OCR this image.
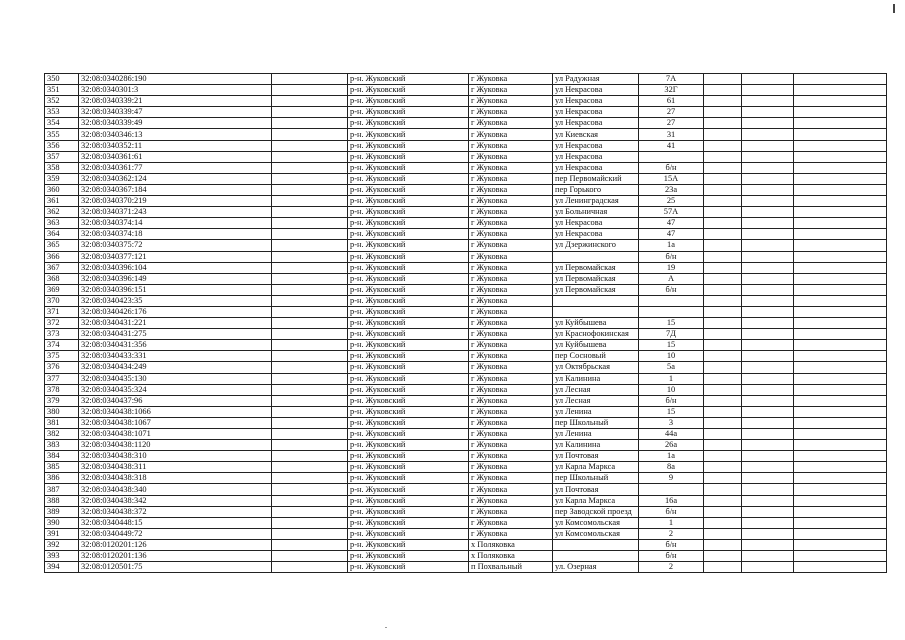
350	32:08:0340286:190		р-н. Жуковский	г Жуковка	ул Радужная	7А			
351	32:08:0340301:3		р-н. Жуковский	г Жуковка	ул Некрасова	32Г			
352	32:08:0340339:21		р-н. Жуковский	г Жуковка	ул Некрасова	61			
353	32:08:0340339:47		р-н. Жуковский	г Жуковка	ул Некрасова	27			
354	32:08:0340339:49		р-н. Жуковский	г Жуковка	ул Некрасова	27			
355	32:08:0340346:13		р-н. Жуковский	г Жуковка	ул Киевская	31			
356	32:08:0340352:11		р-н. Жуковский	г Жуковка	ул Некрасова	41			
357	32:08:0340361:61		р-н. Жуковский	г Жуковка	ул Некрасова				
358	32:08:0340361:77		р-н. Жуковский	г Жуковка	ул Некрасова	б/н			
359	32:08:0340362:124		р-н. Жуковский	г Жуковка	пер Первомайский	15А			
360	32:08:0340367:184		р-н. Жуковский	г Жуковка	пер Горького	23а			
361	32:08:0340370:219		р-н. Жуковский	г Жуковка	ул Ленинградская	25			
362	32:08:0340371:243		р-н. Жуковский	г Жуковка	ул Больничная	57А			
363	32:08:0340374:14		р-н. Жуковский	г Жуковка	ул Некрасова	47			
364	32:08:0340374:18		р-н. Жуковский	г Жуковка	ул Некрасова	47			
365	32:08:0340375:72		р-н. Жуковский	г Жуковка	ул Дзержинского	1а			
366	32:08:0340377:121		р-н. Жуковский	г Жуковка		б/н			
367	32:08:0340396:104		р-н. Жуковский	г Жуковка	ул Первомайская	19			
368	32:08:0340396:149		р-н. Жуковский	г Жуковка	ул Первомайская	А			
369	32:08:0340396:151		р-н. Жуковский	г Жуковка	ул Первомайская	б/н			
370	32:08:0340423:35		р-н. Жуковский	г Жуковка					
371	32:08:0340426:176		р-н. Жуковский	г Жуковка					
372	32:08:0340431:221		р-н. Жуковский	г Жуковка	ул Куйбышева	15			
373	32:08:0340431:275		р-н. Жуковский	г Жуковка	ул Краснофокинская	7Д			
374	32:08:0340431:356		р-н. Жуковский	г Жуковка	ул Куйбышева	15			
375	32:08:0340433:331		р-н. Жуковский	г Жуковка	пер Сосновый	10			
376	32:08:0340434:249		р-н. Жуковский	г Жуковка	ул Октябрьская	5а			
377	32:08:0340435:130		р-н. Жуковский	г Жуковка	ул Калинина	1			
378	32:08:0340435:324		р-н. Жуковский	г Жуковка	ул Лесная	10			
379	32:08:0340437:96		р-н. Жуковский	г Жуковка	ул Лесная	б/н			
380	32:08:0340438:1066		р-н. Жуковский	г Жуковка	ул Ленина	15			
381	32:08:0340438:1067		р-н. Жуковский	г Жуковка	пер Школьный	3			
382	32:08:0340438:1071		р-н. Жуковский	г Жуковка	ул Ленина	44а			
383	32:08:0340438:1120		р-н. Жуковский	г Жуковка	ул Калинина	26а			
384	32:08:0340438:310		р-н. Жуковский	г Жуковка	ул Почтовая	1а			
385	32:08:0340438:311		р-н. Жуковский	г Жуковка	ул Карла Маркса	8а			
386	32:08:0340438:318		р-н. Жуковский	г Жуковка	пер Школьный	9			
387	32:08:0340438:340		р-н. Жуковский	г Жуковка	ул Почтовая				
388	32:08:0340438:342		р-н. Жуковский	г Жуковка	ул Карла Маркса	16а			
389	32:08:0340438:372		р-н. Жуковский	г Жуковка	пер Заводской проезд	б/н			
390	32:08:0340448:15		р-н. Жуковский	г Жуковка	ул Комсомольская	1			
391	32:08:0340449:72		р-н. Жуковский	г Жуковка	ул Комсомольская	2			
392	32:08:0120201:126		р-н. Жуковский	х Поляковка		б/н			
393	32:08:0120201:136		р-н. Жуковский	х Поляковка		б/н			
394	32:08:0120501:75		р-н. Жуковский	п Похвальный	ул. Озерная	2			
